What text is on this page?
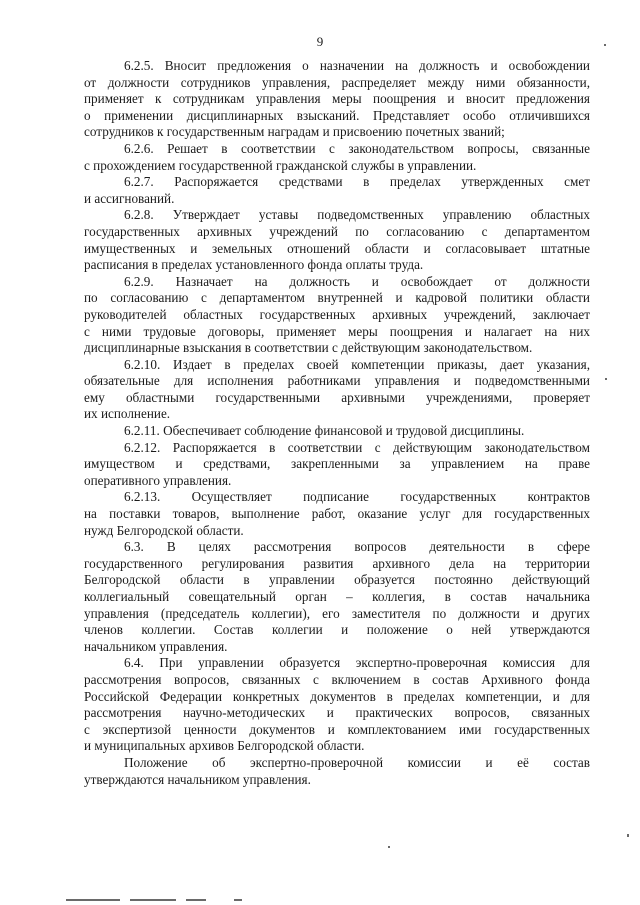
9
6.2.5. Вносит предложения о назначении на должность и освобождении
от должности сотрудников управления, распределяет между ними обязанности,
применяет к сотрудникам управления меры поощрения и вносит предложения
о применении дисциплинарных взысканий. Представляет особо отличившихся
сотрудников к государственным наградам и присвоению почетных званий;
6.2.6. Решает в соответствии с законодательством вопросы, связанные
с прохождением государственной гражданской службы в управлении.
6.2.7. Распоряжается средствами в пределах утвержденных смет
и ассигнований.
6.2.8. Утверждает уставы подведомственных управлению областных
государственных архивных учреждений по согласованию с департаментом
имущественных и земельных отношений области и согласовывает штатные
расписания в пределах установленного фонда оплаты труда.
6.2.9. Назначает на должность и освобождает от должности
по согласованию с департаментом внутренней и кадровой политики области
руководителей областных государственных архивных учреждений, заключает
с ними трудовые договоры, применяет меры поощрения и налагает на них
дисциплинарные взыскания в соответствии с действующим законодательством.
6.2.10. Издает в пределах своей компетенции приказы, дает указания,
обязательные для исполнения работниками управления и подведомственными
ему областными государственными архивными учреждениями, проверяет
их исполнение.
6.2.11. Обеспечивает соблюдение финансовой и трудовой дисциплины.
6.2.12. Распоряжается в соответствии с действующим законодательством
имуществом и средствами, закрепленными за управлением на праве
оперативного управления.
6.2.13. Осуществляет подписание государственных контрактов
на поставки товаров, выполнение работ, оказание услуг для государственных
нужд Белгородской области.
6.3. В целях рассмотрения вопросов деятельности в сфере
государственного регулирования развития архивного дела на территории
Белгородской области в управлении образуется постоянно действующий
коллегиальный совещательный орган – коллегия, в состав начальника
управления (председатель коллегии), его заместителя по должности и других
членов коллегии. Состав коллегии и положение о ней утверждаются
начальником управления.
6.4. При управлении образуется экспертно-проверочная комиссия для
рассмотрения вопросов, связанных с включением в состав Архивного фонда
Российской Федерации конкретных документов в пределах компетенции, и для
рассмотрения научно-методических и практических вопросов, связанных
с экспертизой ценности документов и комплектованием ими государственных
и муниципальных архивов Белгородской области.
Положение об экспертно-проверочной комиссии и её состав
утверждаются начальником управления.
